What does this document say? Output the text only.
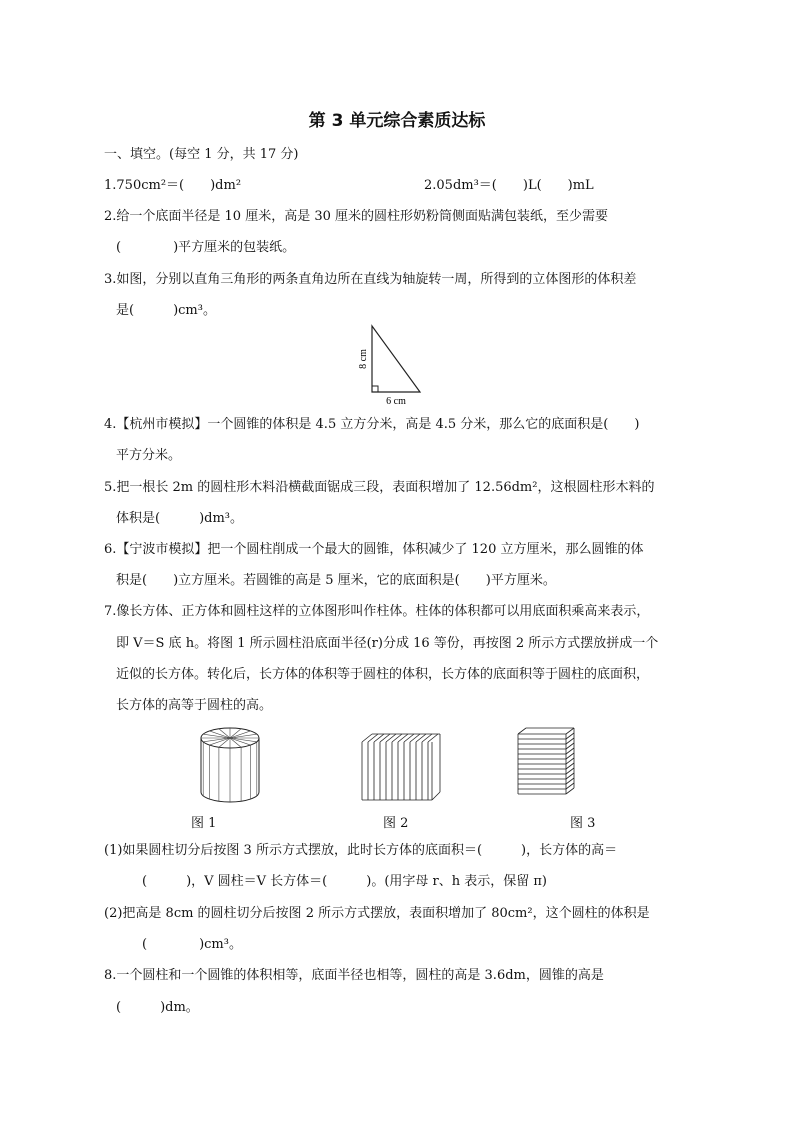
第 3 单元综合素质达标
一、填空。(每空 1 分，共 17 分)
1.750cm²＝(　　)dm²	2.05dm³＝(　　)L(　　)mL
2.给一个底面半径是 10 厘米，高是 30 厘米的圆柱形奶粉筒侧面贴满包装纸，至少需要
(　　　　)平方厘米的包装纸。
3.如图，分别以直角三角形的两条直角边所在直线为轴旋转一周，所得到的立体图形的体积差
是(　　　)cm³。
8 cm
6 cm
4.【杭州市模拟】一个圆锥的体积是 4.5 立方分米，高是 4.5 分米，那么它的底面积是(　　)
平方分米。
5.把一根长 2m 的圆柱形木料沿横截面锯成三段，表面积增加了 12.56dm²，这根圆柱形木料的
体积是(　　　)dm³。
6.【宁波市模拟】把一个圆柱削成一个最大的圆锥，体积减少了 120 立方厘米，那么圆锥的体
积是(　　)立方厘米。若圆锥的高是 5 厘米，它的底面积是(　　)平方厘米。
7.像长方体、正方体和圆柱这样的立体图形叫作柱体。柱体的体积都可以用底面积乘高来表示，
即 V＝S 底 h。将图 1 所示圆柱沿底面半径(r)分成 16 等份，再按图 2 所示方式摆放拼成一个
近似的长方体。转化后，长方体的体积等于圆柱的体积，长方体的底面积等于圆柱的底面积，
长方体的高等于圆柱的高。
图 1	图 2	图 3
(1)如果圆柱切分后按图 3 所示方式摆放，此时长方体的底面积＝(　　　)，长方体的高＝
(　　　)，V 圆柱＝V 长方体＝(　　　)。(用字母 r、h 表示，保留 π)
(2)把高是 8cm 的圆柱切分后按图 2 所示方式摆放，表面积增加了 80cm²，这个圆柱的体积是
(　　　　)cm³。
8.一个圆柱和一个圆锥的体积相等，底面半径也相等，圆柱的高是 3.6dm，圆锥的高是
(　　　)dm。
